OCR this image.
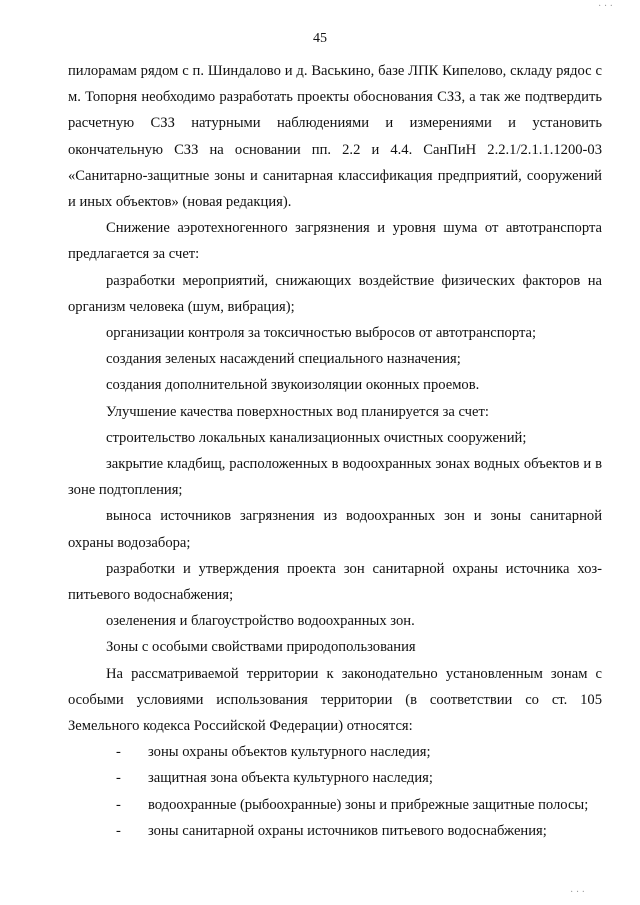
45

пилорамам рядом с п. Шиндалово и д. Васькино, базе ЛПК Кипелово, складу рядос с м. Топорня необходимо разработать проекты обоснования СЗЗ, а так же подтвердить расчетную СЗЗ натурными наблюдениями и измерениями и установить окончательную СЗЗ на основании пп. 2.2 и 4.4. СанПиН 2.2.1/2.1.1.1200-03 «Санитарно-защитные зоны и санитарная классификация предприятий, сооружений и иных объектов» (новая редакция).

Снижение аэротехногенного загрязнения и уровня шума от автотранспорта предлагается за счет:

разработки мероприятий, снижающих воздействие физических факторов на организм человека (шум, вибрация);

организации контроля за токсичностью выбросов от автотранспорта;

создания зеленых насаждений специального назначения;

создания дополнительной звукоизоляции оконных проемов.

Улучшение качества поверхностных вод планируется за счет:

строительство локальных канализационных очистных сооружений;

закрытие кладбищ, расположенных в водоохранных зонах водных объектов и в зоне подтопления;

выноса источников загрязнения из водоохранных зон и зоны санитарной охраны водозабора;

разработки и утверждения проекта зон санитарной охраны источника хоз-питьевого водоснабжения;

озеленения и благоустройство водоохранных зон.

Зоны с особыми свойствами природопользования

На рассматриваемой территории к законодательно установленным зонам с особыми условиями использования территории (в соответствии со ст. 105 Земельного кодекса Российской Федерации) относятся:

- зоны охраны объектов культурного наследия;
- защитная зона объекта культурного наследия;
- водоохранные (рыбоохранные) зоны и прибрежные защитные полосы;
- зоны санитарной охраны источников питьевого водоснабжения;
· · ·
· · ·
